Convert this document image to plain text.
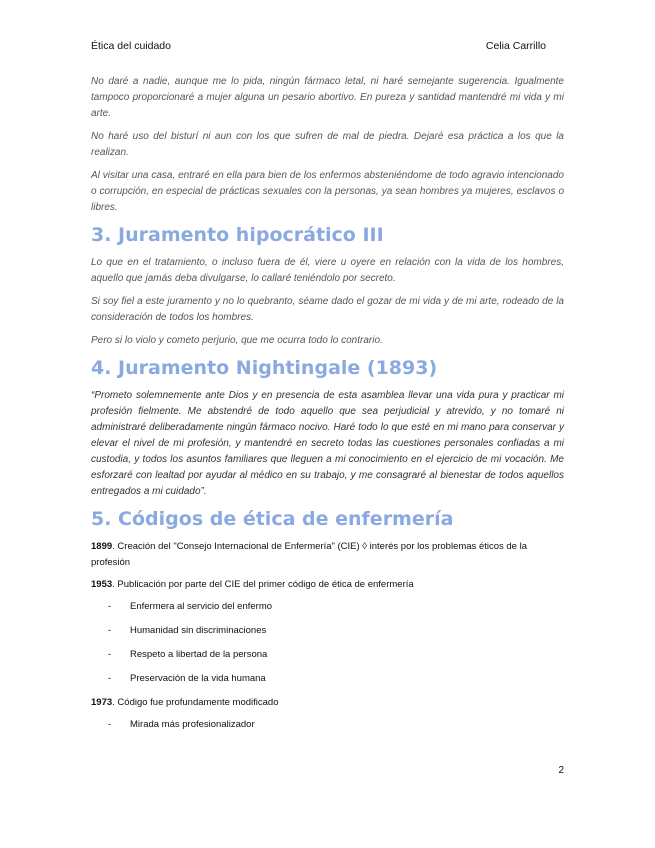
Ética del cuidado	Celia Carrillo

No daré a nadie, aunque me lo pida, ningún fármaco letal, ni haré semejante sugerencia. Igualmente tampoco proporcionaré a mujer alguna un pesario abortivo. En pureza y santidad mantendré mi vida y mi arte.

No haré uso del bisturí ni aun con los que sufren de mal de piedra. Dejaré esa práctica a los que la realizan.

Al visitar una casa, entraré en ella para bien de los enfermos absteniéndome de todo agravio intencionado o corrupción, en especial de prácticas sexuales con la personas, ya sean hombres ya mujeres, esclavos o libres.

3. Juramento hipocrático III

Lo que en el tratamiento, o incluso fuera de él, viere u oyere en relación con la vida de los hombres, aquello que jamás deba divulgarse, lo callaré teniéndolo por secreto.

Si soy fiel a este juramento y no lo quebranto, séame dado el gozar de mi vida y de mi arte, rodeado de la consideración de todos los hombres.

Pero si lo violo y cometo perjurio, que me ocurra todo lo contrario.

4. Juramento Nightingale (1893)

“Prometo solemnemente ante Dios y en presencia de esta asamblea llevar una vida pura y practicar mi profesión fielmente. Me abstendré de todo aquello que sea perjudicial y atrevido, y no tomaré ni administraré deliberadamente ningún fármaco nocivo. Haré todo lo que esté en mi mano para conservar y elevar el nivel de mi profesión, y mantendré en secreto todas las cuestiones personales confiadas a mi custodia, y todos los asuntos familiares que lleguen a mi conocimiento en el ejercicio de mi vocación. Me esforzaré con lealtad por ayudar al médico en su trabajo, y me consagraré al bienestar de todos aquellos entregados a mi cuidado”.

5. Códigos de ética de enfermería

1899. Creación del "Consejo Internacional de Enfermería" (CIE) ◊ interés por los problemas éticos de la profesión

1953. Publicación por parte del CIE del primer código de ética de enfermería

- Enfermera al servicio del enfermo
- Humanidad sin discriminaciones
- Respeto a libertad de la persona
- Preservación de la vida humana

1973. Código fue profundamente modificado

- Mirada más profesionalizador
2
